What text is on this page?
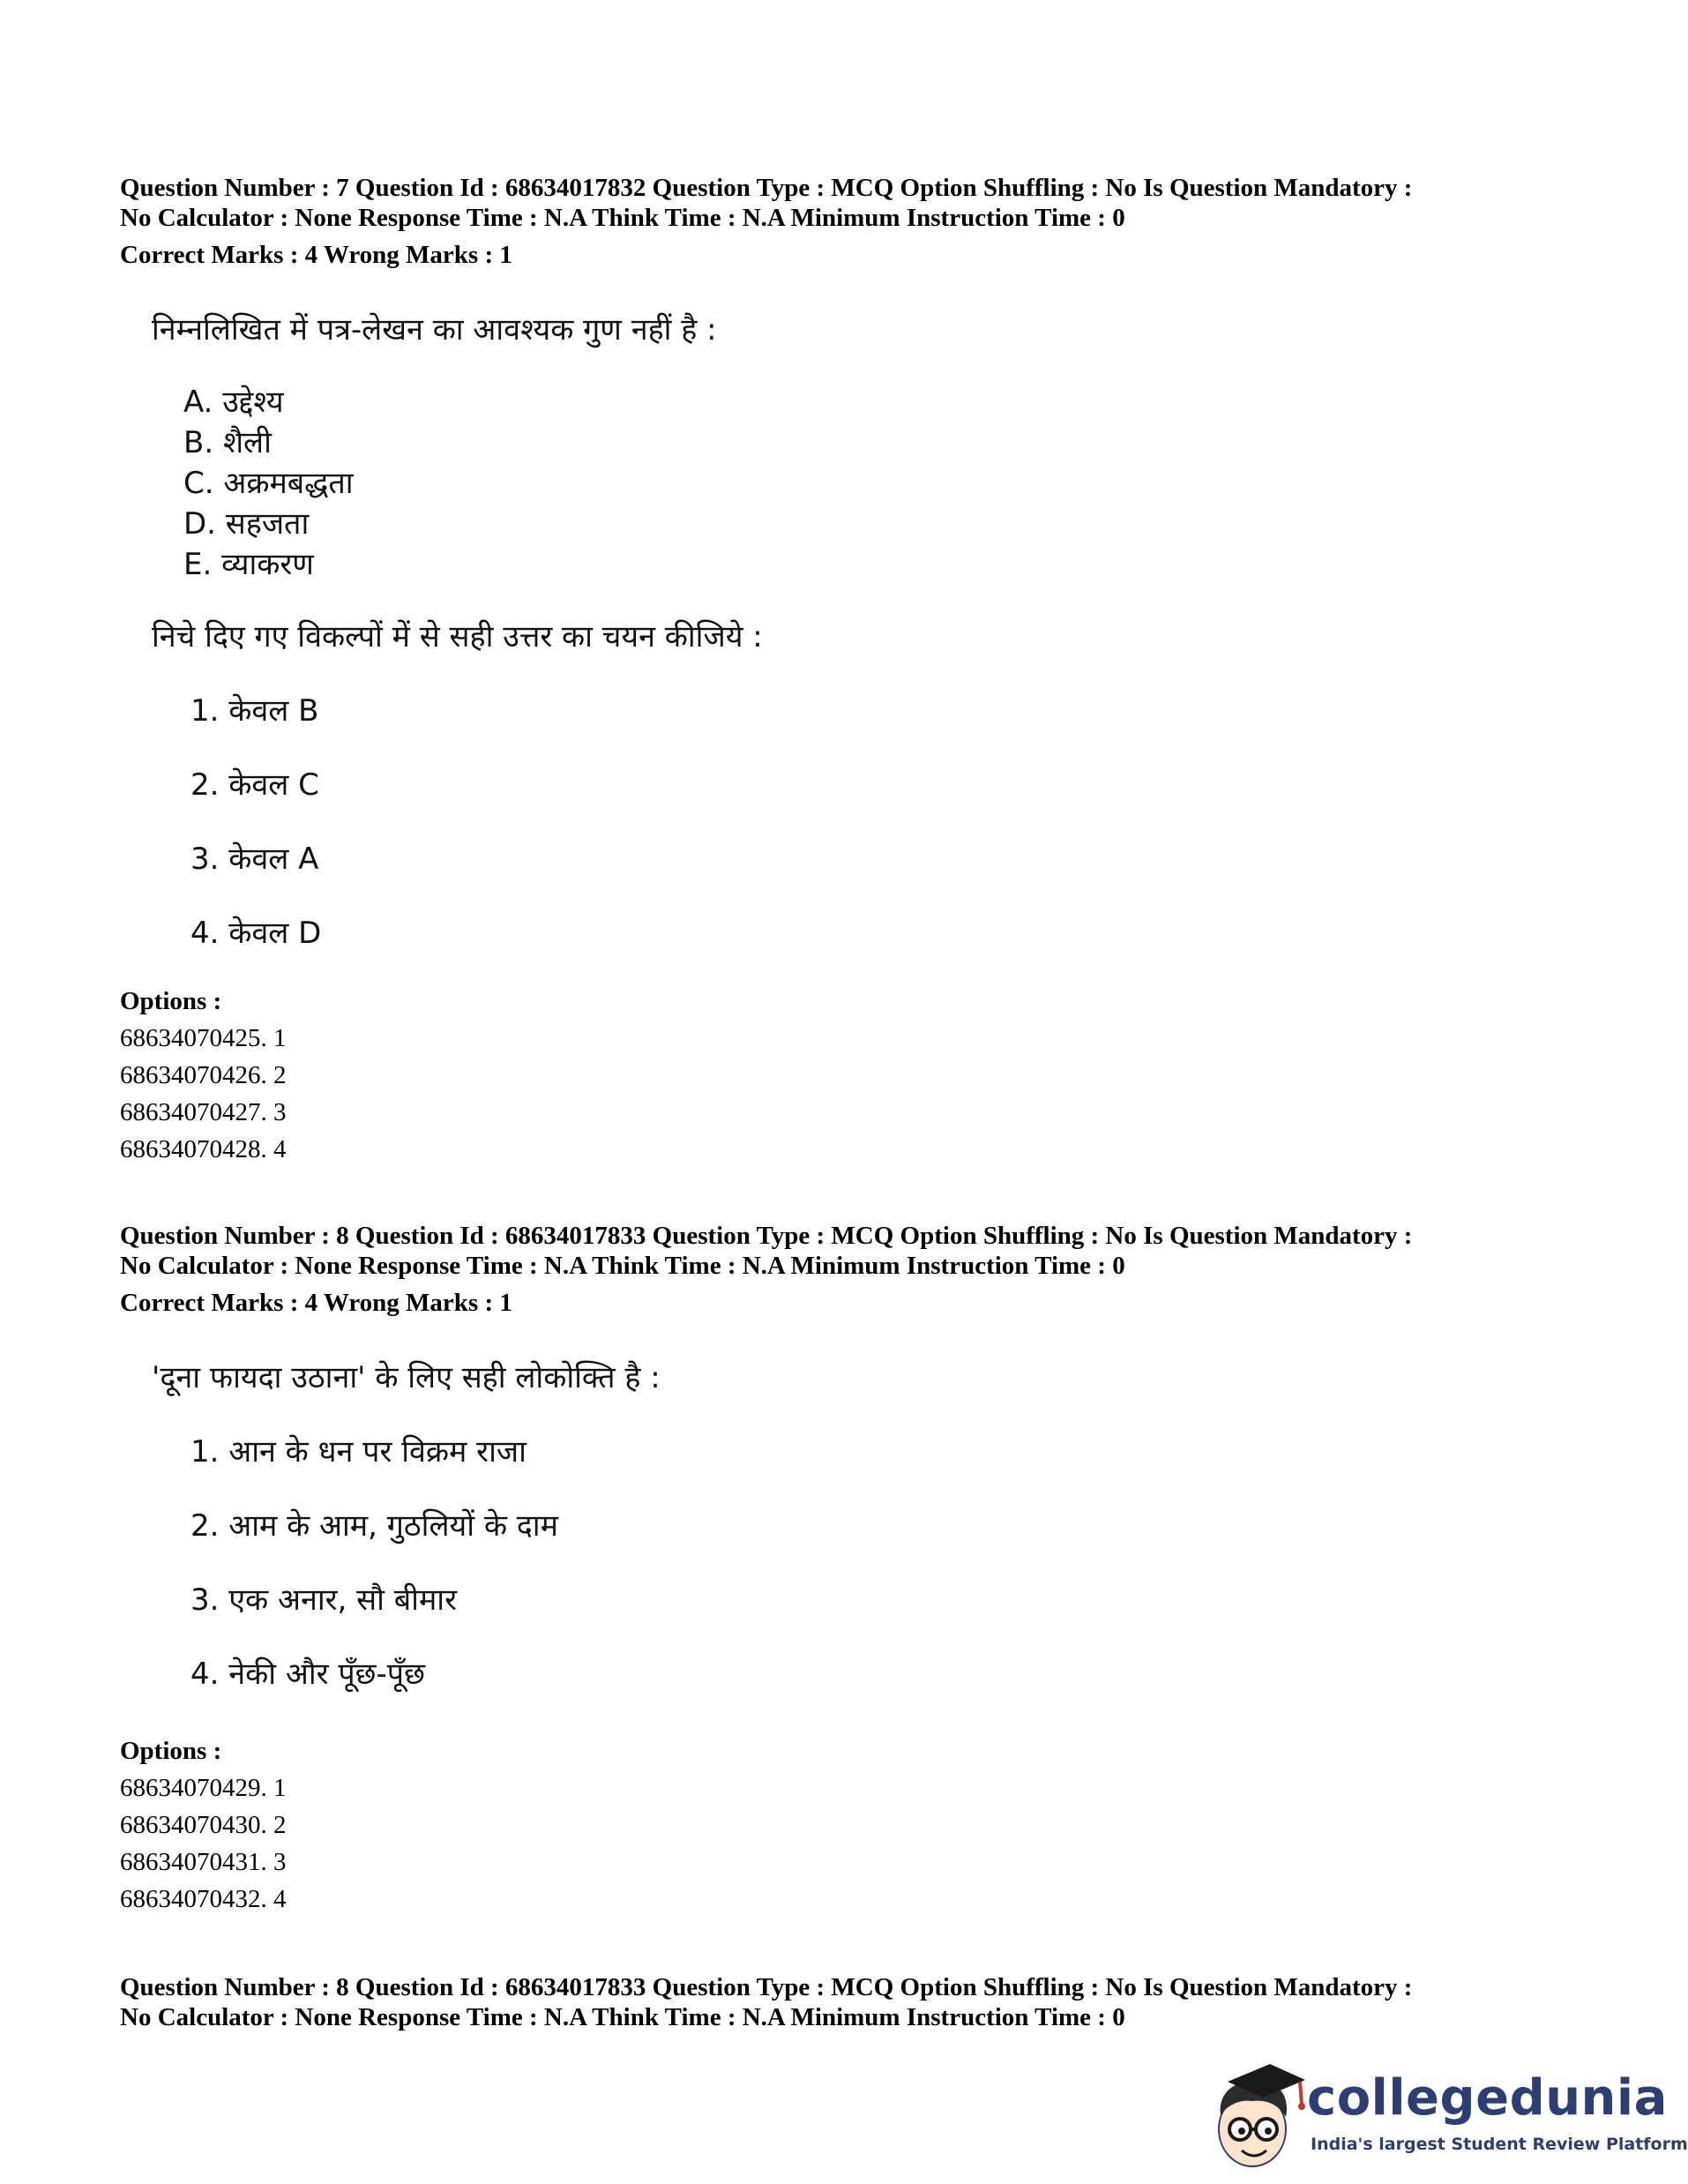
Question Number : 7 Question Id : 68634017832 Question Type : MCQ Option Shuffling : No Is Question Mandatory :
No Calculator : None Response Time : N.A Think Time : N.A Minimum Instruction Time : 0
Correct Marks : 4 Wrong Marks : 1
निम्नलिखित में पत्र-लेखन का आवश्यक गुण नहीं है :
A. उद्देश्य
B. शैली
C. अक्रमबद्धता
D. सहजता
E. व्याकरण
निचे दिए गए विकल्पों में से सही उत्तर का चयन कीजिये :
1. केवल B
2. केवल C
3. केवल A
4. केवल D
Options :
68634070425. 1
68634070426. 2
68634070427. 3
68634070428. 4
Question Number : 8 Question Id : 68634017833 Question Type : MCQ Option Shuffling : No Is Question Mandatory :
No Calculator : None Response Time : N.A Think Time : N.A Minimum Instruction Time : 0
Correct Marks : 4 Wrong Marks : 1
'दूना फायदा उठाना' के लिए सही लोकोक्ति है :
1. आन के धन पर विक्रम राजा
2. आम के आम, गुठलियों के दाम
3. एक अनार, सौ बीमार
4. नेकी और पूँछ-पूँछ
Options :
68634070429. 1
68634070430. 2
68634070431. 3
68634070432. 4
Question Number : 8 Question Id : 68634017833 Question Type : MCQ Option Shuffling : No Is Question Mandatory :
No Calculator : None Response Time : N.A Think Time : N.A Minimum Instruction Time : 0
collegedunia
India's largest Student Review Platform
